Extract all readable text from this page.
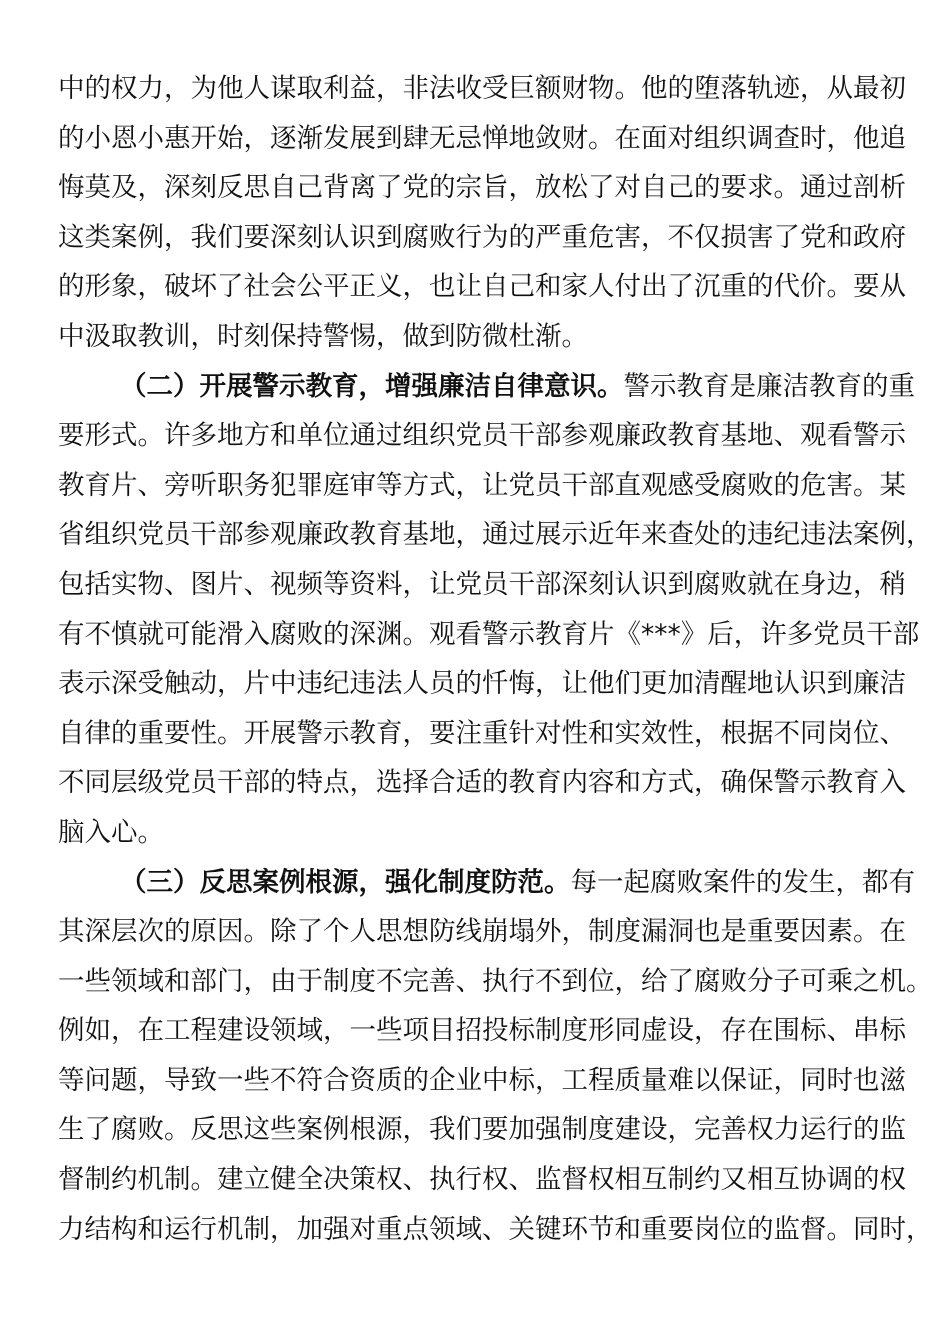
中的权力，为他人谋取利益，非法收受巨额财物。他的堕落轨迹，从最初
的小恩小惠开始，逐渐发展到肆无忌惮地敛财。在面对组织调查时，他追
悔莫及，深刻反思自己背离了党的宗旨，放松了对自己的要求。通过剖析
这类案例，我们要深刻认识到腐败行为的严重危害，不仅损害了党和政府
的形象，破坏了社会公平正义，也让自己和家人付出了沉重的代价。要从
中汲取教训，时刻保持警惕，做到防微杜渐。
（二）开展警示教育，增强廉洁自律意识。警示教育是廉洁教育的重
要形式。许多地方和单位通过组织党员干部参观廉政教育基地、观看警示
教育片、旁听职务犯罪庭审等方式，让党员干部直观感受腐败的危害。某
省组织党员干部参观廉政教育基地，通过展示近年来查处的违纪违法案例，
包括实物、图片、视频等资料，让党员干部深刻认识到腐败就在身边，稍
有不慎就可能滑入腐败的深渊。观看警示教育片《***》后，许多党员干部
表示深受触动，片中违纪违法人员的忏悔，让他们更加清醒地认识到廉洁
自律的重要性。开展警示教育，要注重针对性和实效性，根据不同岗位、
不同层级党员干部的特点，选择合适的教育内容和方式，确保警示教育入
脑入心。
（三）反思案例根源，强化制度防范。每一起腐败案件的发生，都有
其深层次的原因。除了个人思想防线崩塌外，制度漏洞也是重要因素。在
一些领域和部门，由于制度不完善、执行不到位，给了腐败分子可乘之机。
例如，在工程建设领域，一些项目招投标制度形同虚设，存在围标、串标
等问题，导致一些不符合资质的企业中标，工程质量难以保证，同时也滋
生了腐败。反思这些案例根源，我们要加强制度建设，完善权力运行的监
督制约机制。建立健全决策权、执行权、监督权相互制约又相互协调的权
力结构和运行机制，加强对重点领域、关键环节和重要岗位的监督。同时，
